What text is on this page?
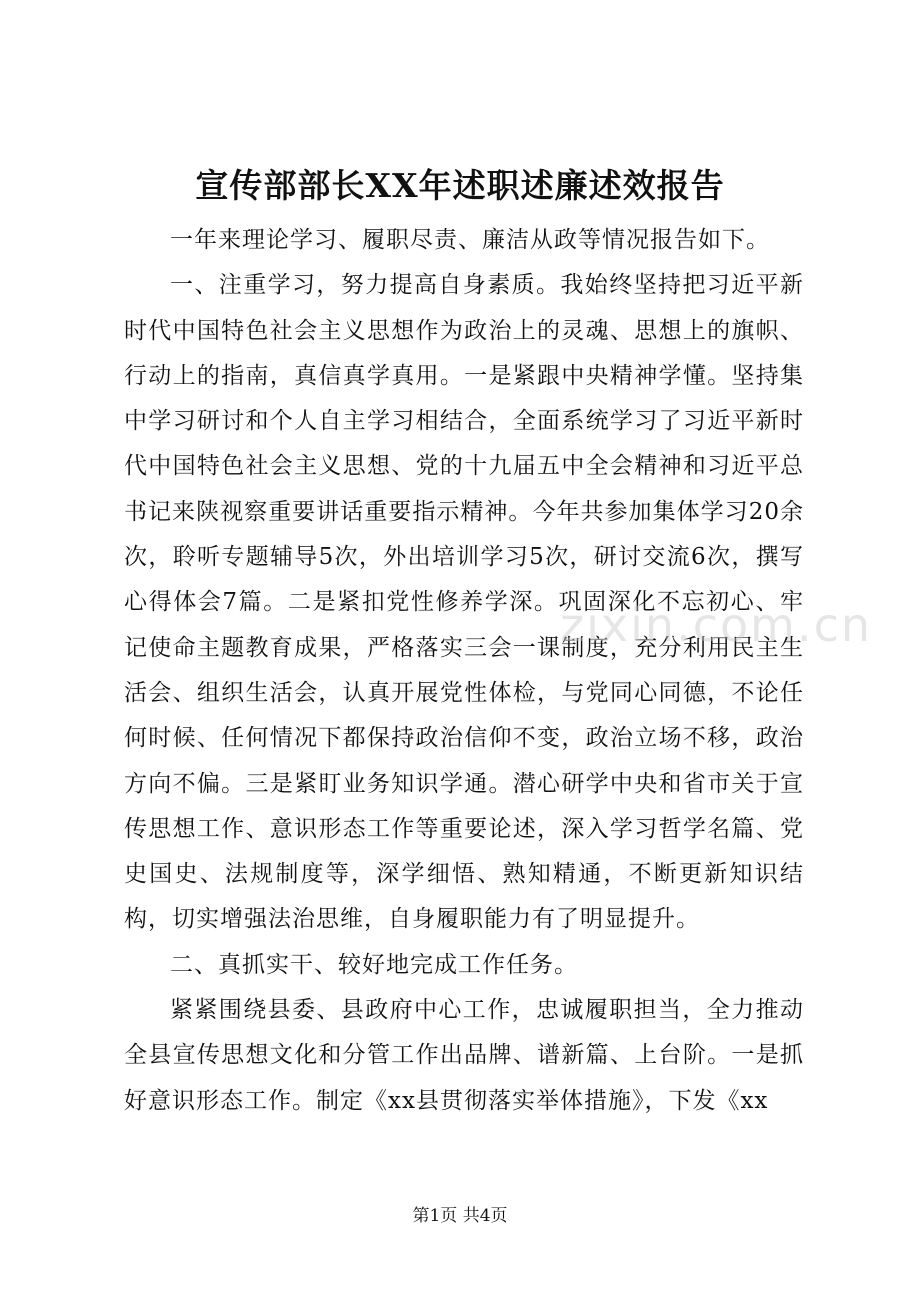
宣传部部长XX年述职述廉述效报告

一年来理论学习、履职尽责、廉洁从政等情况报告如下。

一、注重学习，努力提高自身素质。我始终坚持把习近平新时代中国特色社会主义思想作为政治上的灵魂、思想上的旗帜、行动上的指南，真信真学真用。一是紧跟中央精神学懂。坚持集中学习研讨和个人自主学习相结合，全面系统学习了习近平新时代中国特色社会主义思想、党的十九届五中全会精神和习近平总书记来陕视察重要讲话重要指示精神。今年共参加集体学习20余次，聆听专题辅导5次，外出培训学习5次，研讨交流6次，撰写心得体会7篇。二是紧扣党性修养学深。巩固深化不忘初心、牢记使命主题教育成果，严格落实三会一课制度，充分利用民主生活会、组织生活会，认真开展党性体检，与党同心同德，不论任何时候、任何情况下都保持政治信仰不变，政治立场不移，政治方向不偏。三是紧盯业务知识学通。潜心研学中央和省市关于宣传思想工作、意识形态工作等重要论述，深入学习哲学名篇、党史国史、法规制度等，深学细悟、熟知精通，不断更新知识结构，切实增强法治思维，自身履职能力有了明显提升。

二、真抓实干、较好地完成工作任务。

紧紧围绕县委、县政府中心工作，忠诚履职担当，全力推动全县宣传思想文化和分管工作出品牌、谱新篇、上台阶。一是抓好意识形态工作。制定《xx县贯彻落实举体措施》，下发《xx

zixin.com.cn
第1页 共4页
